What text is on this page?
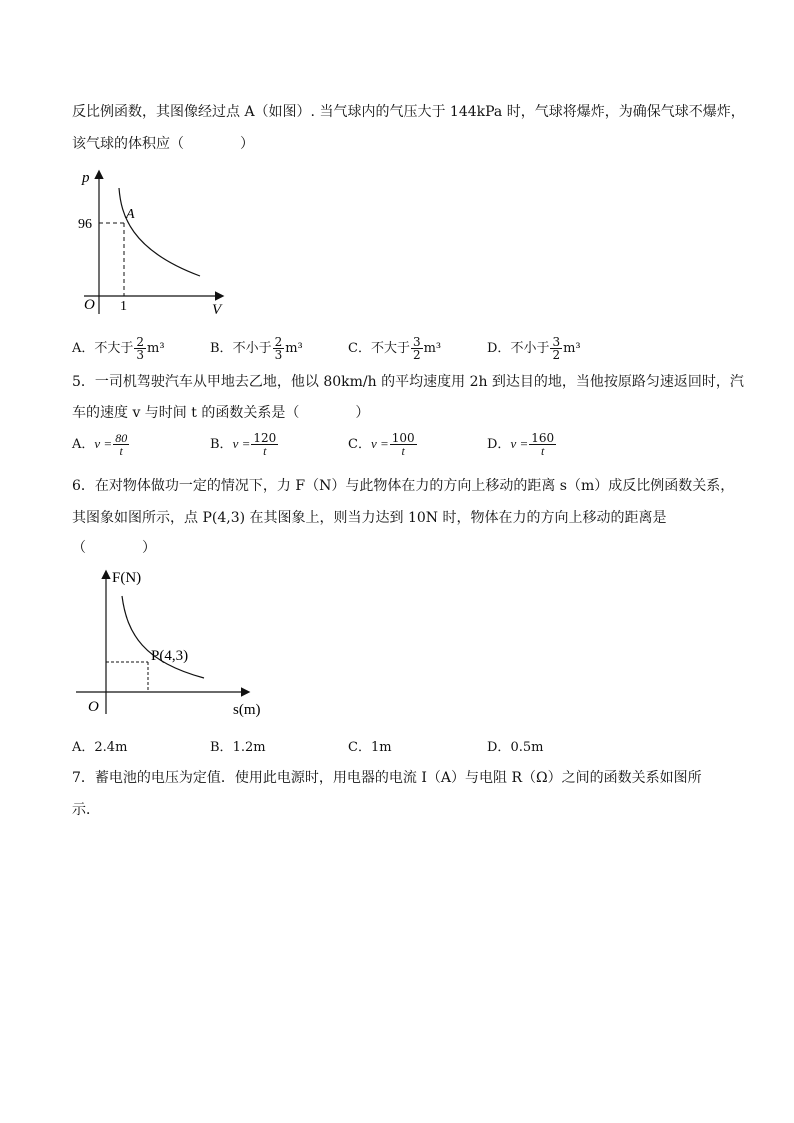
反比例函数，其图像经过点 A（如图）. 当气球内的气压大于 144kPa 时，气球将爆炸，为确保气球不爆炸，
该气球的体积应（　　　　）
p
V
O
A
96
1
A．不大于 $\frac{2}{3} m^3$	B．不小于 $\frac{2}{3} m^3$	C．不大于 $\frac{3}{2} m^3$	D．不小于 $\frac{3}{2} m^3$
5．一司机驾驶汽车从甲地去乙地，他以 80km/h 的平均速度用 2h 到达目的地，当他按原路匀速返回时，汽
车的速度 v 与时间 t 的函数关系是（　　　　）
A．$v = \frac{80}{t}$	B．$v = \frac{120}{t}$	C．$v = \frac{100}{t}$	D．$v = \frac{160}{t}$
6．在对物体做功一定的情况下，力 F（N）与此物体在力的方向上移动的距离 s（m）成反比例函数关系，
其图象如图所示，点 P(4,3) 在其图象上，则当力达到 10N 时，物体在力的方向上移动的距离是
（　　　　）
F(N)
s(m)
O
P(4,3)
A．2.4m	B．1.2m	C．1m	D．0.5m
7．蓄电池的电压为定值．使用此电源时，用电器的电流 I（A）与电阻 R（Ω）之间的函数关系如图所
示．
